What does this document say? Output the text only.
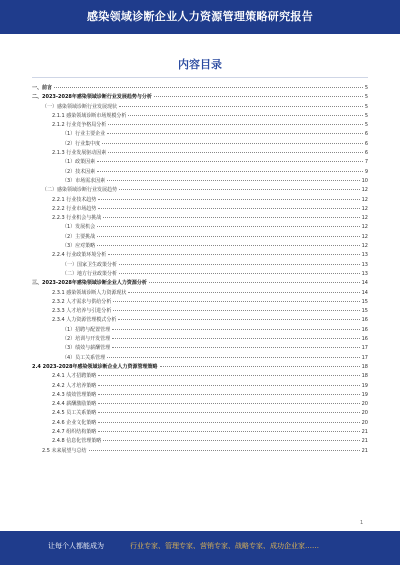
感染领域诊断企业人力资源管理策略研究报告
内容目录
一、前言	5
二、2023-2028年感染领域诊断行业发展趋势与分析	5
（一）感染领域诊断行业发展现状	5
2.1.1 感染领域诊断市场规模分析	5
2.1.2 行业竞争格局分析	5
（1）行业主要企业	6
（2）行业集中度	6
2.1.3 行业发展驱动因素	6
（1）政策因素	7
（2）技术因素	9
（3）市场需求因素	10
（二）感染领域诊断行业发展趋势	12
2.2.1 行业技术趋势	12
2.2.2 行业市场趋势	12
2.2.3 行业机会与挑战	12
（1）发展机会	12
（2）主要挑战	12
（3）应对策略	12
2.2.4 行业政策环境分析	13
（一）国家卫生政策分析	13
（二）地方行业政策分析	13
三、2023-2028年感染领域诊断企业人力资源分析	14
2.3.1 感染领域诊断人力资源现状	14
2.3.2 人才需求与供给分析	15
2.3.3 人才培养与引进分析	15
2.3.4 人力资源管理模式分析	16
（1）招聘与配置管理	16
（2）培训与开发管理	16
（3）绩效与薪酬管理	17
（4）员工关系管理	17
2.4 2023-2028年感染领域诊断企业人力资源管理策略	18
2.4.1 人才招聘策略	18
2.4.2 人才培养策略	19
2.4.3 绩效管理策略	19
2.4.4 薪酬激励策略	20
2.4.5 员工关系策略	20
2.4.6 企业文化策略	20
2.4.7 组织结构策略	21
2.4.8 信息化管理策略	21
2.5 未来展望与总结	21
1
让每个人都能成为	行业专家、管理专家、营销专家、战略专家、成功企业家……
